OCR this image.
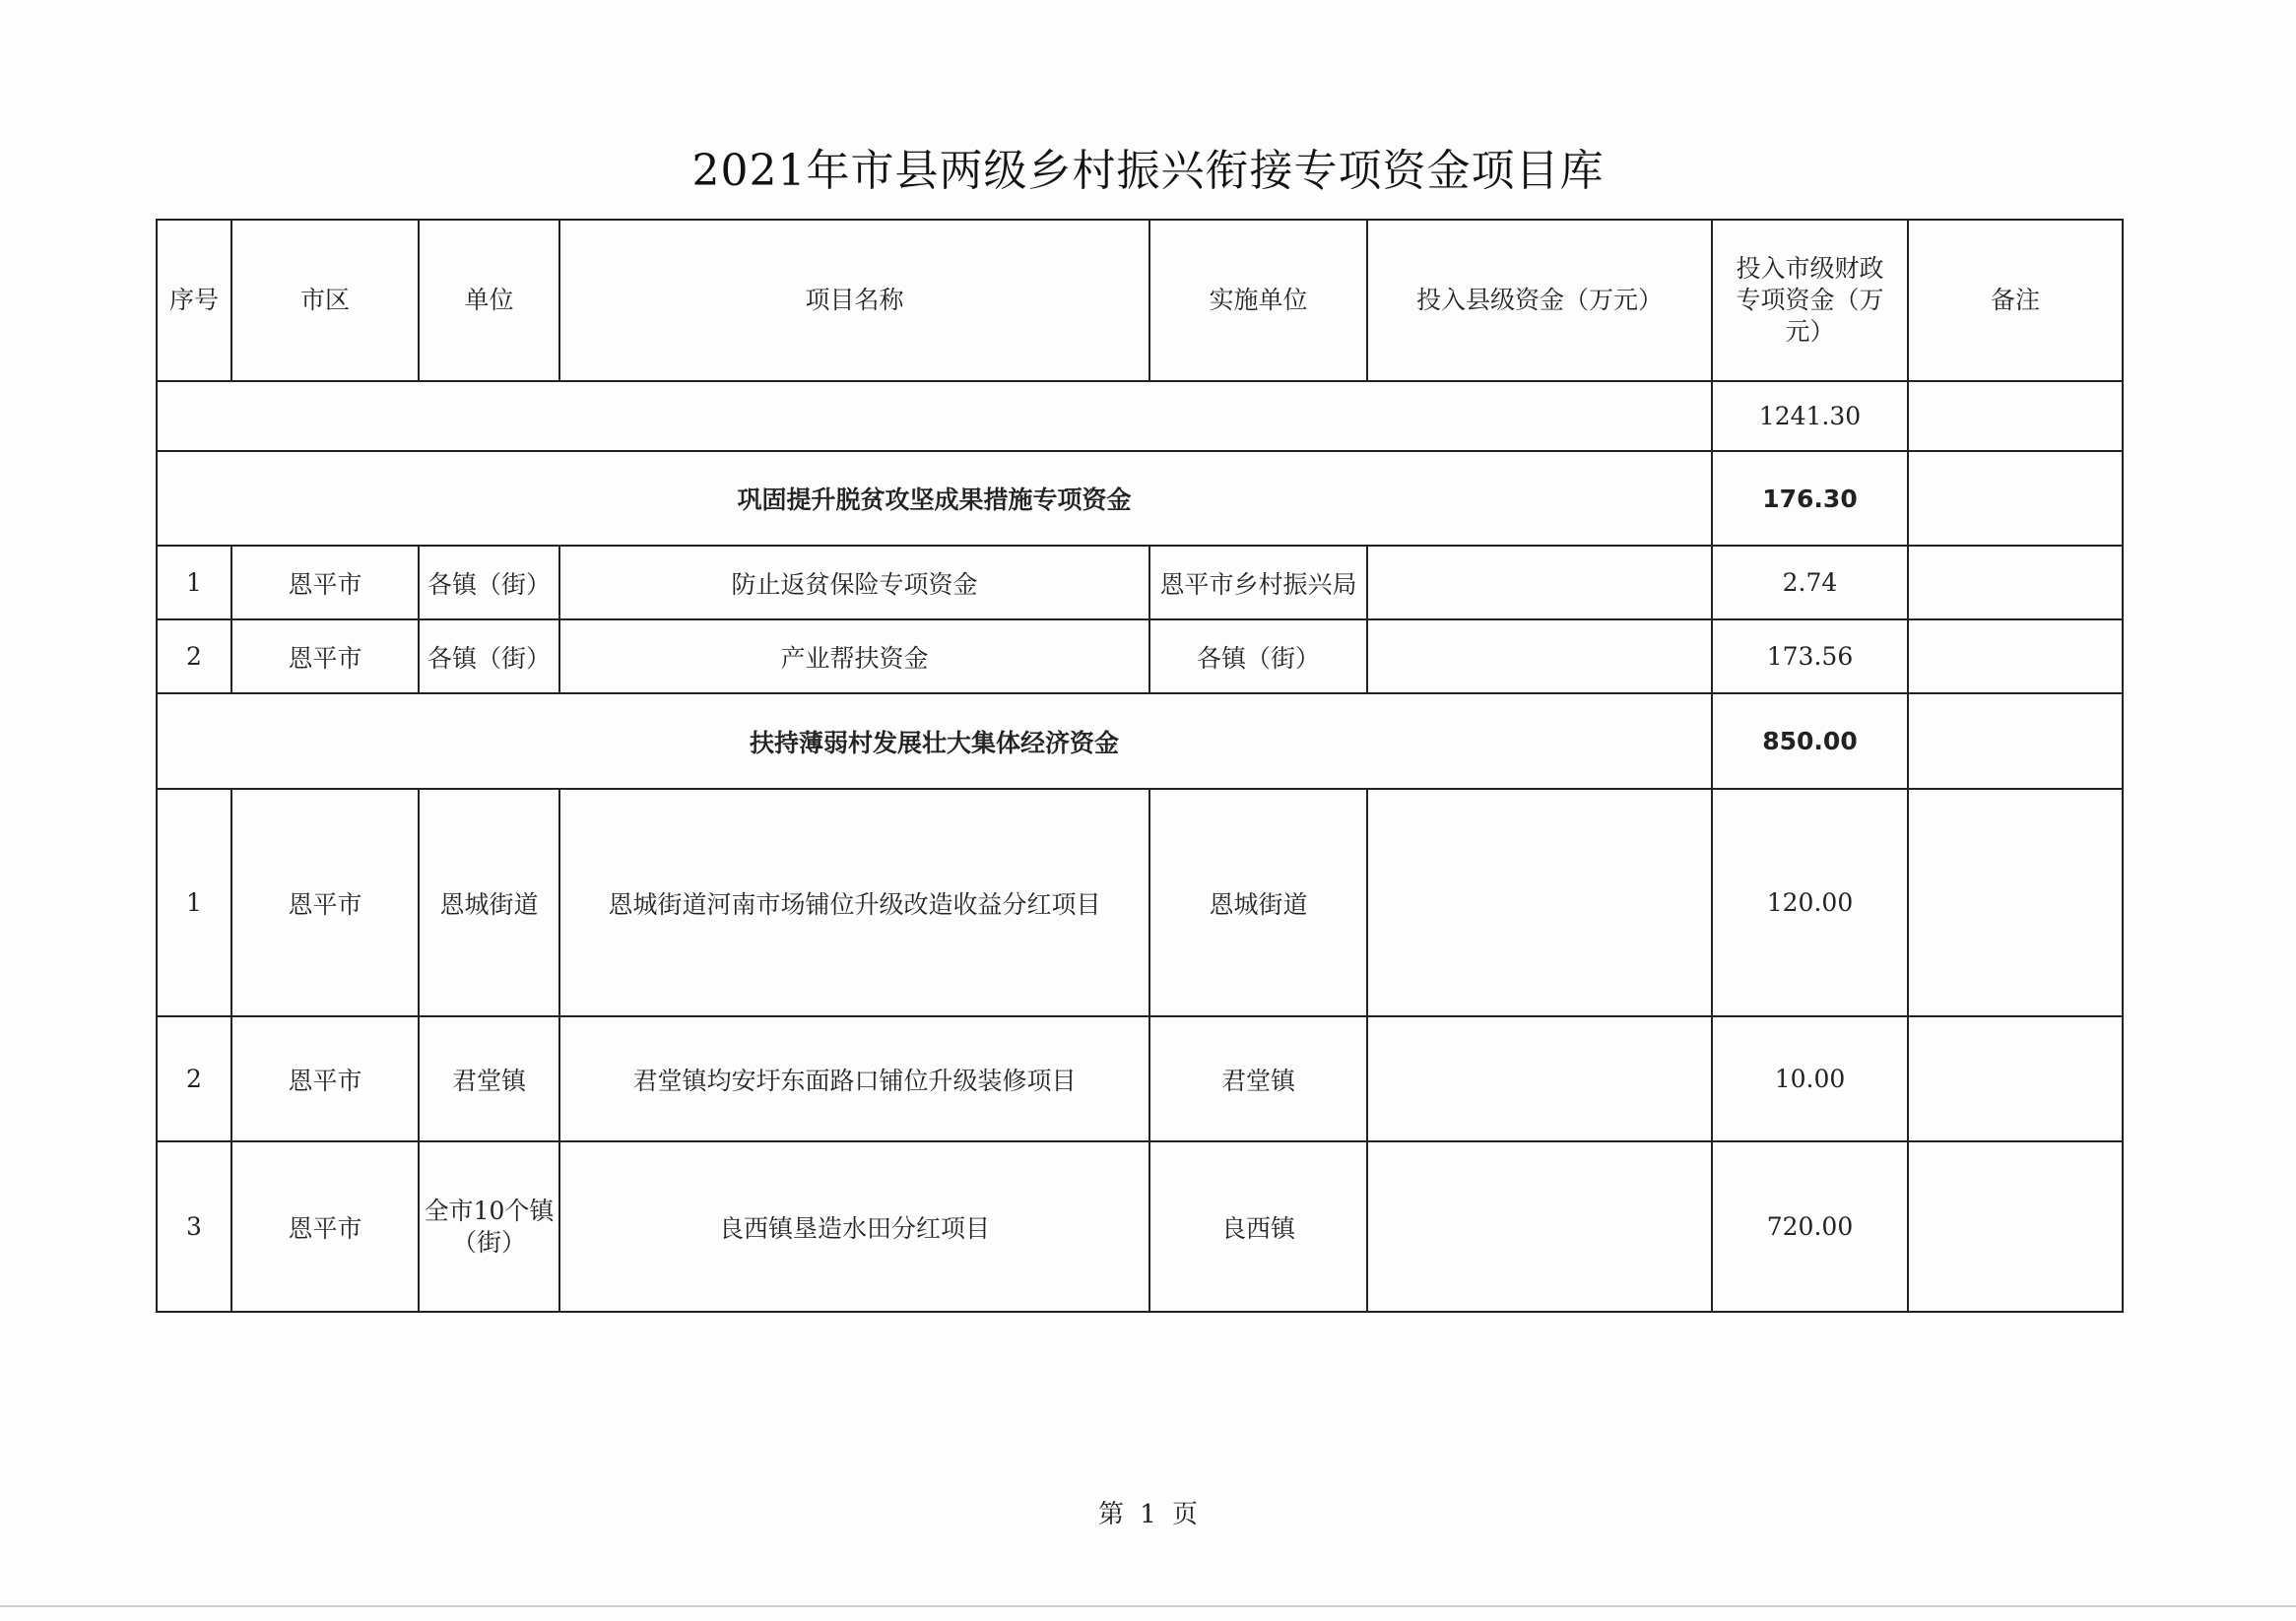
2021年市县两级乡村振兴衔接专项资金项目库
序号	市区	单位	项目名称	实施单位	投入县级资金（万元）	投入市级财政专项资金（万元）	备注
						1241.30	
巩固提升脱贫攻坚成果措施专项资金						176.30	
1	恩平市	各镇（街）	防止返贫保险专项资金	恩平市乡村振兴局		2.74	
2	恩平市	各镇（街）	产业帮扶资金	各镇（街）		173.56	
扶持薄弱村发展壮大集体经济资金						850.00	
1	恩平市	恩城街道	恩城街道河南市场铺位升级改造收益分红项目	恩城街道		120.00	
2	恩平市	君堂镇	君堂镇均安圩东面路口铺位升级装修项目	君堂镇		10.00	
3	恩平市	全市10个镇（街）	良西镇垦造水田分红项目	良西镇		720.00	
第 1 页
